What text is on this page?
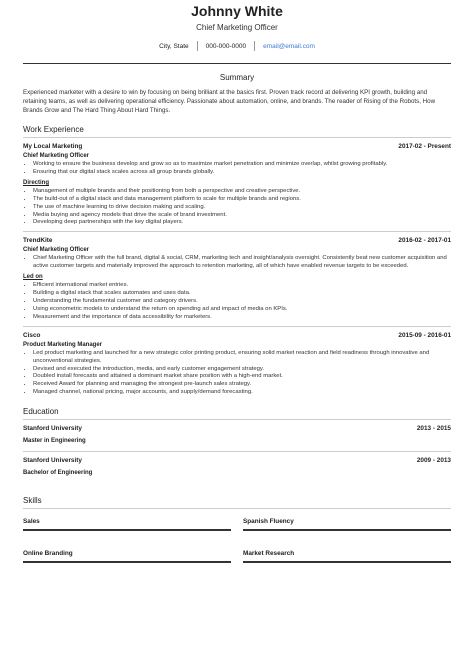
Johnny White
Chief Marketing Officer
City, State	000-000-0000	email@email.com
Summary
Experienced marketer with a desire to win by focusing on being brilliant at the basics first. Proven track record at delivering KPI growth, building and retaining teams, as well as delivering operational efficiency. Passionate about automation, online, and brands. The reader of Rising of the Robots, How Brands Grow and The Hard Thing About Hard Things.
Work Experience
My Local Marketing	2017-02 - Present
Chief Marketing Officer
• Working to ensure the business develop and grow so as to maximize market penetration and minimize overlap, whilst growing profitably.
• Ensuring that our digital stack scales across all group brands globally.
Directing
• Management of multiple brands and their positioning from both a perspective and creative perspective.
• The build-out of a digital stack and data management platform to scale for multiple brands and regions.
• The use of machine learning to drive decision making and scaling.
• Media buying and agency models that drive the scale of brand investment.
• Developing deep partnerships with the key digital players.
TrendKite	2016-02 - 2017-01
Chief Marketing Officer
• Chief Marketing Officer with the full brand, digital & social, CRM, marketing tech and insight/analysis oversight. Consistently beat new customer acquisition and active customer targets and materially improved the approach to retention marketing, all of which have enabled revenue targets to be exceeded.
Led on
• Efficient international market entries.
• Building a digital stack that scales automates and uses data.
• Understanding the fundamental customer and category drivers.
• Using econometric models to understand the return on spending ad and impact of media on KPIs.
• Measurement and the importance of data accessibility for marketers.
Cisco	2015-09 - 2016-01
Product Marketing Manager
• Led product marketing and launched for a new strategic color printing product, ensuring solid market reaction and field readiness through innovative and unconventional strategies.
• Devised and executed the introduction, media, and early customer engagement strategy.
• Doubled install forecasts and attained a dominant market share position with a high-end market.
• Received Award for planning and managing the strongest pre-launch sales strategy.
• Managed channel, national pricing, major accounts, and supply/demand forecasting.
Education
Stanford University	2013 - 2015
Master in Engineering
Stanford University	2009 - 2013
Bachelor of Engineering
Skills
Sales	Spanish Fluency
Online Branding	Market Research
